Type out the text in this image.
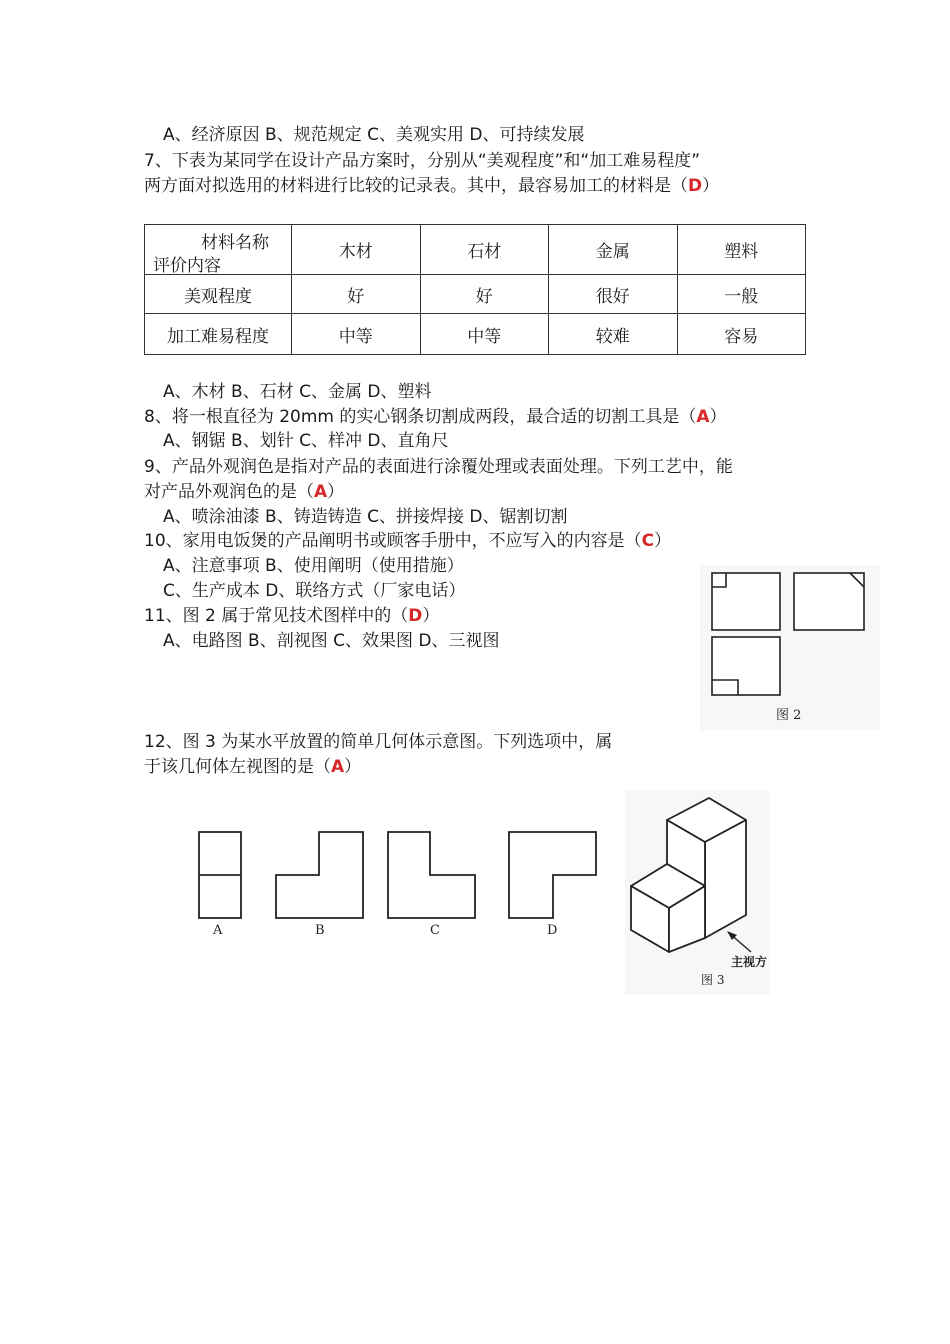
A、经济原因 B、规范规定 C、美观实用 D、可持续发展
7、下表为某同学在设计产品方案时，分别从“美观程度”和“加工难易程度”
两方面对拟选用的材料进行比较的记录表。其中，最容易加工的材料是（D）
材料名称
评价内容	木材	石材	金属	塑料
美观程度	好	好	很好	一般
加工难易程度	中等	中等	较难	容易
A、木材 B、石材 C、金属 D、塑料
8、将一根直径为 20mm 的实心钢条切割成两段，最合适的切割工具是（A）
A、钢锯 B、划针 C、样冲 D、直角尺
9、产品外观润色是指对产品的表面进行涂覆处理或表面处理。下列工艺中，能
对产品外观润色的是（A）
A、喷涂油漆 B、铸造铸造 C、拼接焊接 D、锯割切割
10、家用电饭煲的产品阐明书或顾客手册中，不应写入的内容是（C）
A、注意事项 B、使用阐明（使用措施）
C、生产成本 D、联络方式（厂家电话）
11、图 2 属于常见技术图样中的（D）
A、电路图 B、剖视图 C、效果图 D、三视图
图 2
12、图 3 为某水平放置的简单几何体示意图。下列选项中，属
于该几何体左视图的是（A）
A	B	C	D
主视方
图 3
